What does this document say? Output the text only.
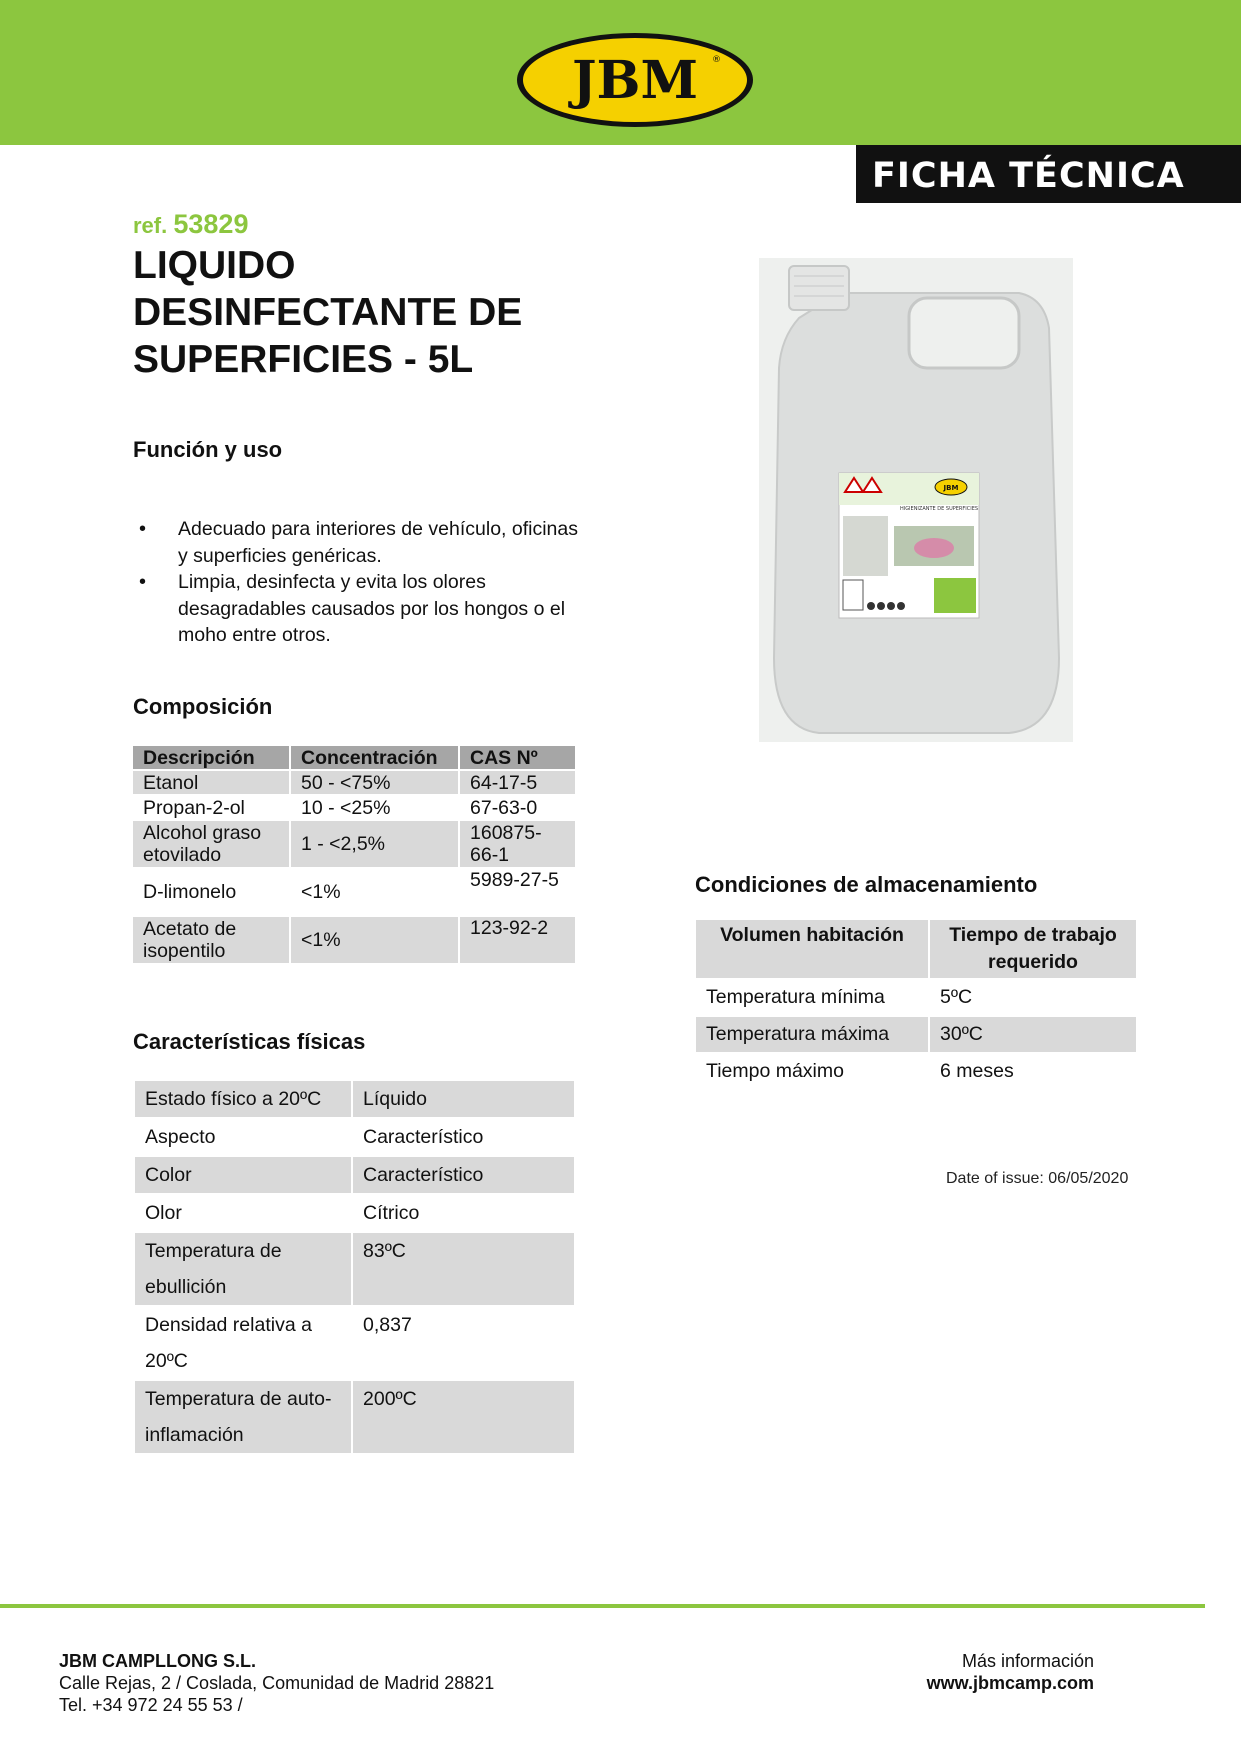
JBM ®
FICHA TÉCNICA
ref. 53829
LIQUIDO
DESINFECTANTE DE
SUPERFICIES - 5L
Función y uso
• Adecuado para interiores de vehículo, oficinas y superficies genéricas.
• Limpia, desinfecta y evita los olores desagradables causados por los hongos o el moho entre otros.
Composición
Descripción	Concentración	CAS Nº
Etanol	50 - <75%	64-17-5
Propan-2-ol	10 - <25%	67-63-0
Alcohol graso etovilado	1 - <2,5%	160875-66-1
D-limonelo	<1%	5989-27-5
Acetato de isopentilo	<1%	123-92-2
Características físicas
Estado físico a 20ºC	Líquido
Aspecto	Característico
Color	Característico
Olor	Cítrico
Temperatura de ebullición	83ºC
Densidad relativa a 20ºC	0,837
Temperatura de auto-inflamación	200ºC
JBM
HIGIENIZANTE DE SUPERFICIES
Condiciones de almacenamiento
Volumen habitación	Tiempo de trabajo requerido
Temperatura mínima	5ºC
Temperatura máxima	30ºC
Tiempo máximo	6 meses
Date of issue: 06/05/2020
JBM CAMPLLONG S.L.
Calle Rejas, 2 / Coslada, Comunidad de Madrid 28821
Tel. +34 972 24 55 53 /
Más información
www.jbmcamp.com
